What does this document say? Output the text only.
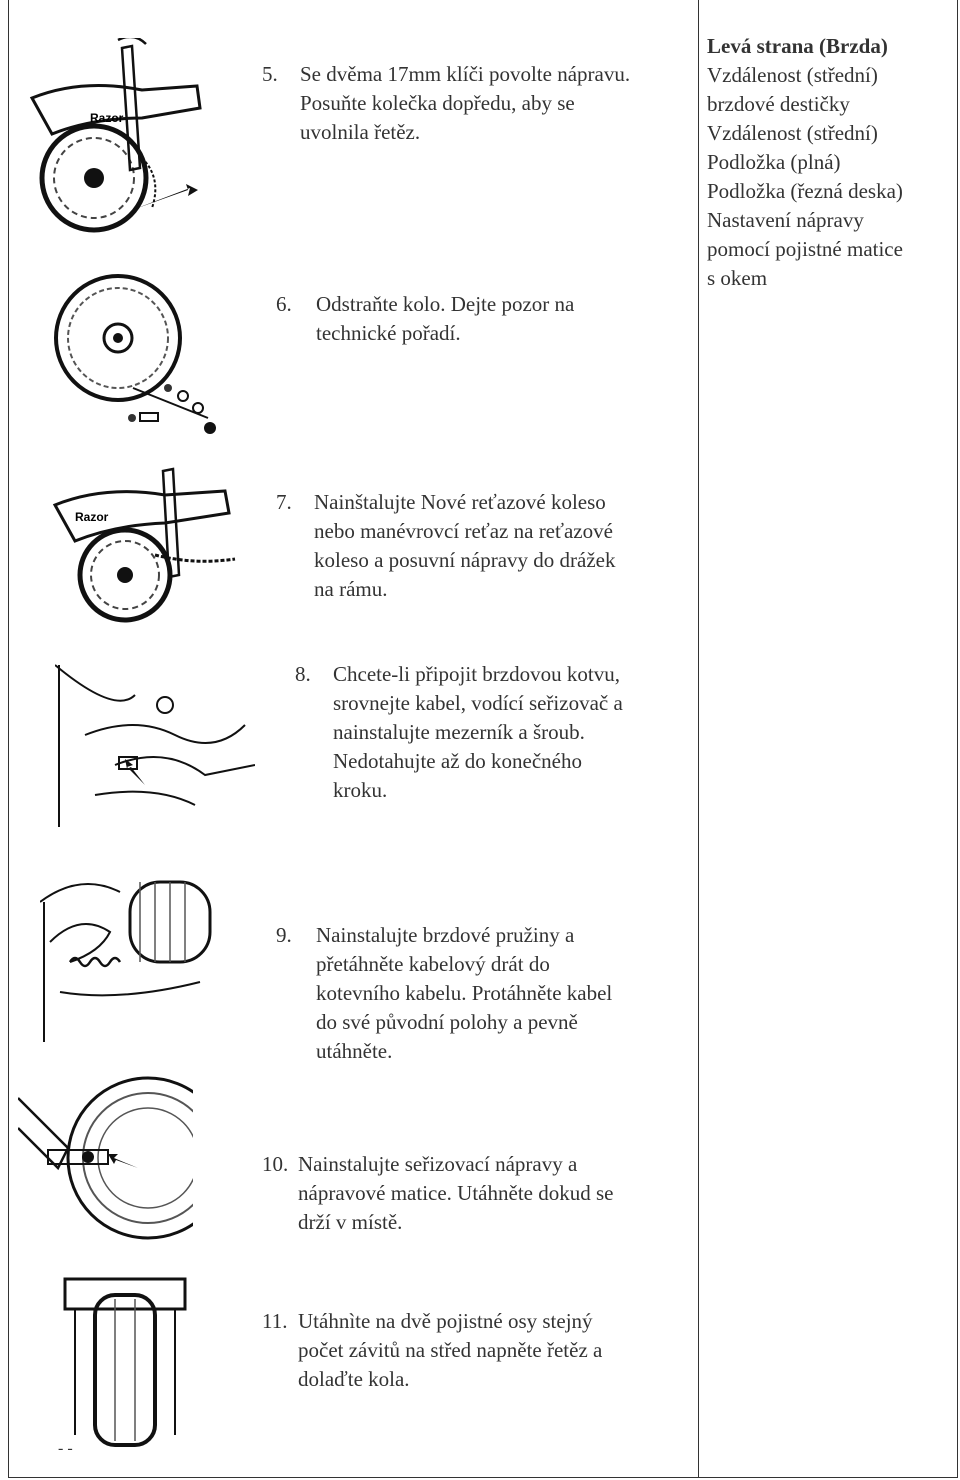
Razor
Razor
5. Se dvěma 17mm klíči povolte nápravu.
Posuňte kolečka dopředu, aby se
uvolnila řetěz.
6. Odstraňte kolo. Dejte pozor na
technické pořadí.
7. Nainštalujte Nové reťazové koleso
nebo manévrovcí reťaz na reťazové
koleso a posuvní nápravy do drážek
na rámu.
8. Chcete-li připojit brzdovou kotvu,
srovnejte kabel, vodící seřizovač a
nainstalujte mezerník a šroub.
Nedotahujte až do konečného
kroku.
9. Nainstalujte brzdové pružiny a
přetáhněte kabelový drát do
kotevního kabelu. Protáhněte kabel
do své původní polohy a pevně
utáhněte.
10. Nainstalujte seřizovací nápravy a
nápravové matice. Utáhněte dokud se
drží v místě.
11. Utáhnìte na dvě pojistné osy stejný
počet závitů na střed napněte řetěz a
dolaďte kola.
Levá strana (Brzda)
Vzdálenost (střední)
brzdové destičky
Vzdálenost (střední)
Podložka (plná)
Podložka (řezná deska)
Nastavení nápravy
pomocí pojistné matice
s okem
- -
